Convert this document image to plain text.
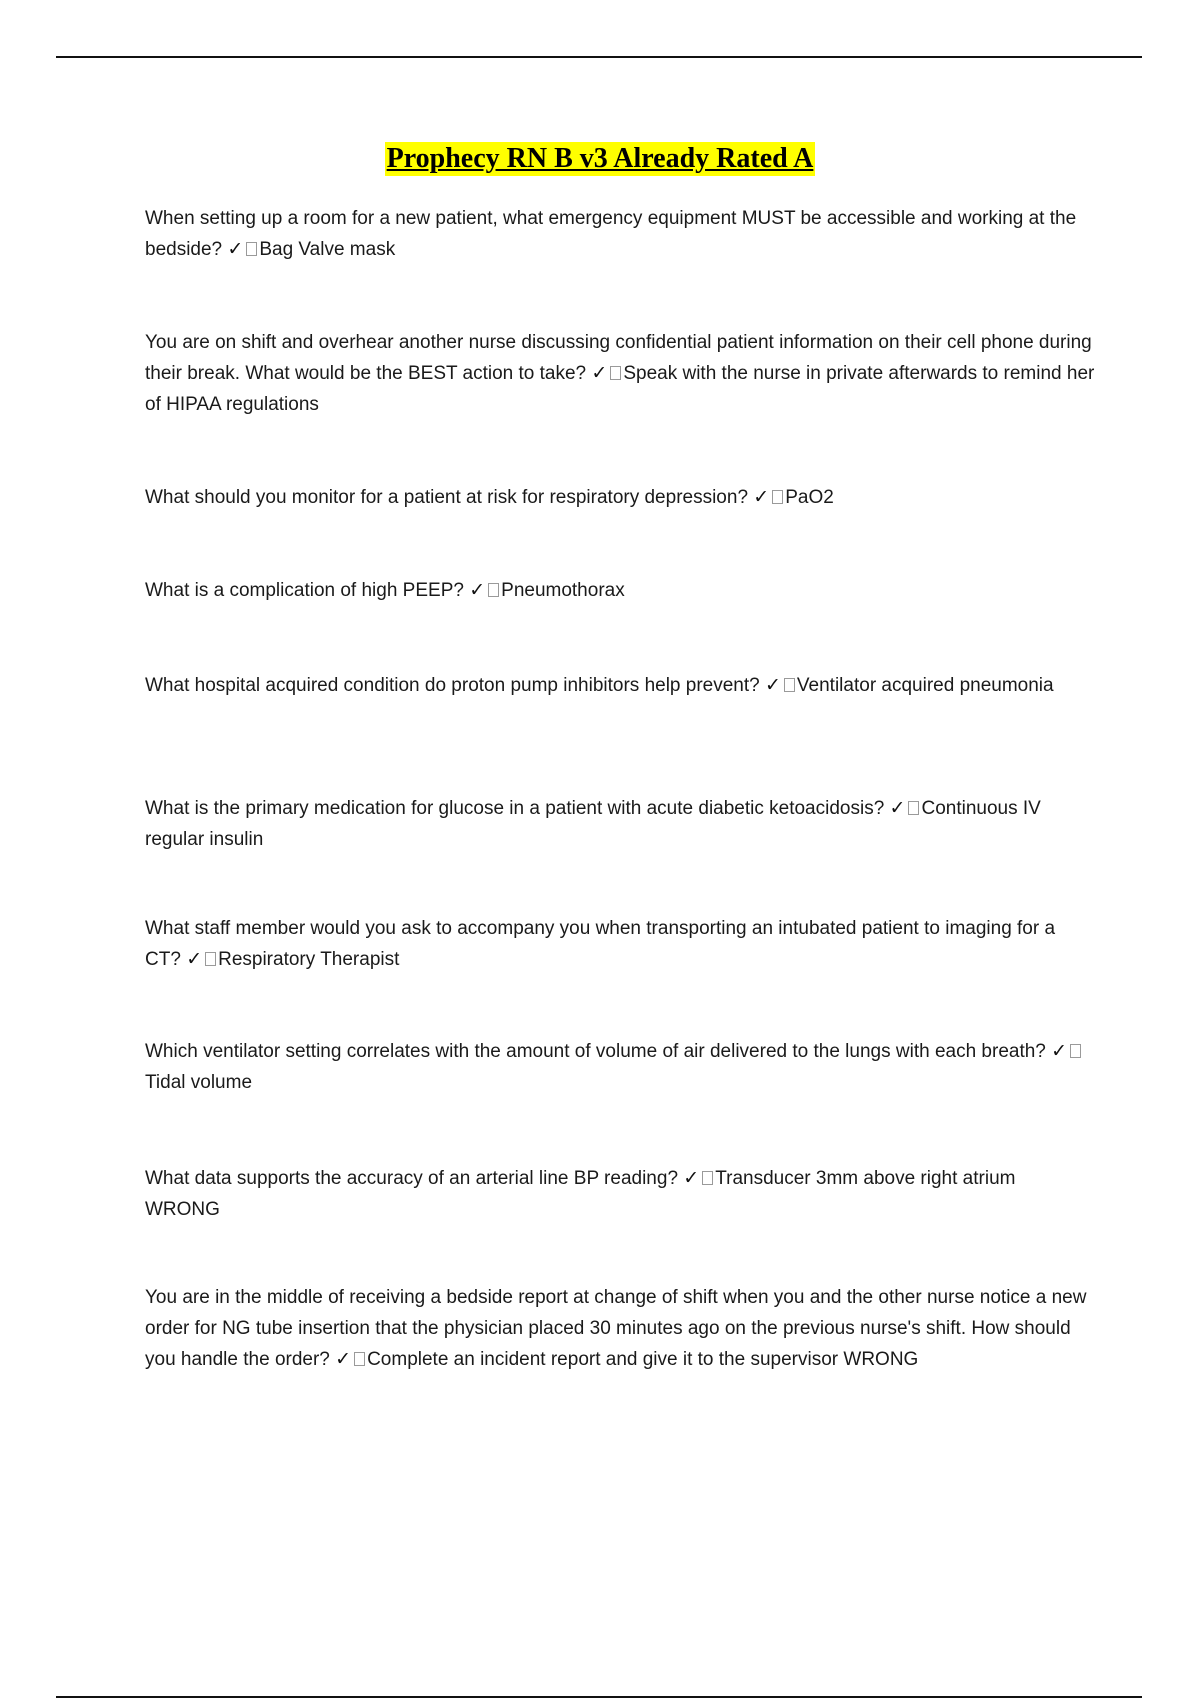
Prophecy RN B v3 Already Rated A

When setting up a room for a new patient, what emergency equipment MUST be accessible and working at the bedside? ✓ Bag Valve mask

You are on shift and overhear another nurse discussing confidential patient information on their cell phone during their break. What would be the BEST action to take? ✓ Speak with the nurse in private afterwards to remind her of HIPAA regulations

What should you monitor for a patient at risk for respiratory depression? ✓ PaO2

What is a complication of high PEEP? ✓ Pneumothorax

What hospital acquired condition do proton pump inhibitors help prevent? ✓ Ventilator acquired pneumonia

What is the primary medication for glucose in a patient with acute diabetic ketoacidosis? ✓ Continuous IV regular insulin

What staff member would you ask to accompany you when transporting an intubated patient to imaging for a CT? ✓ Respiratory Therapist

Which ventilator setting correlates with the amount of volume of air delivered to the lungs with each breath? ✓Tidal volume

What data supports the accuracy of an arterial line BP reading? ✓ Transducer 3mm above right atrium WRONG

You are in the middle of receiving a bedside report at change of shift when you and the other nurse notice a new order for NG tube insertion that the physician placed 30 minutes ago on the previous nurse's shift. How should you handle the order? ✓ Complete an incident report and give it to the supervisor WRONG
